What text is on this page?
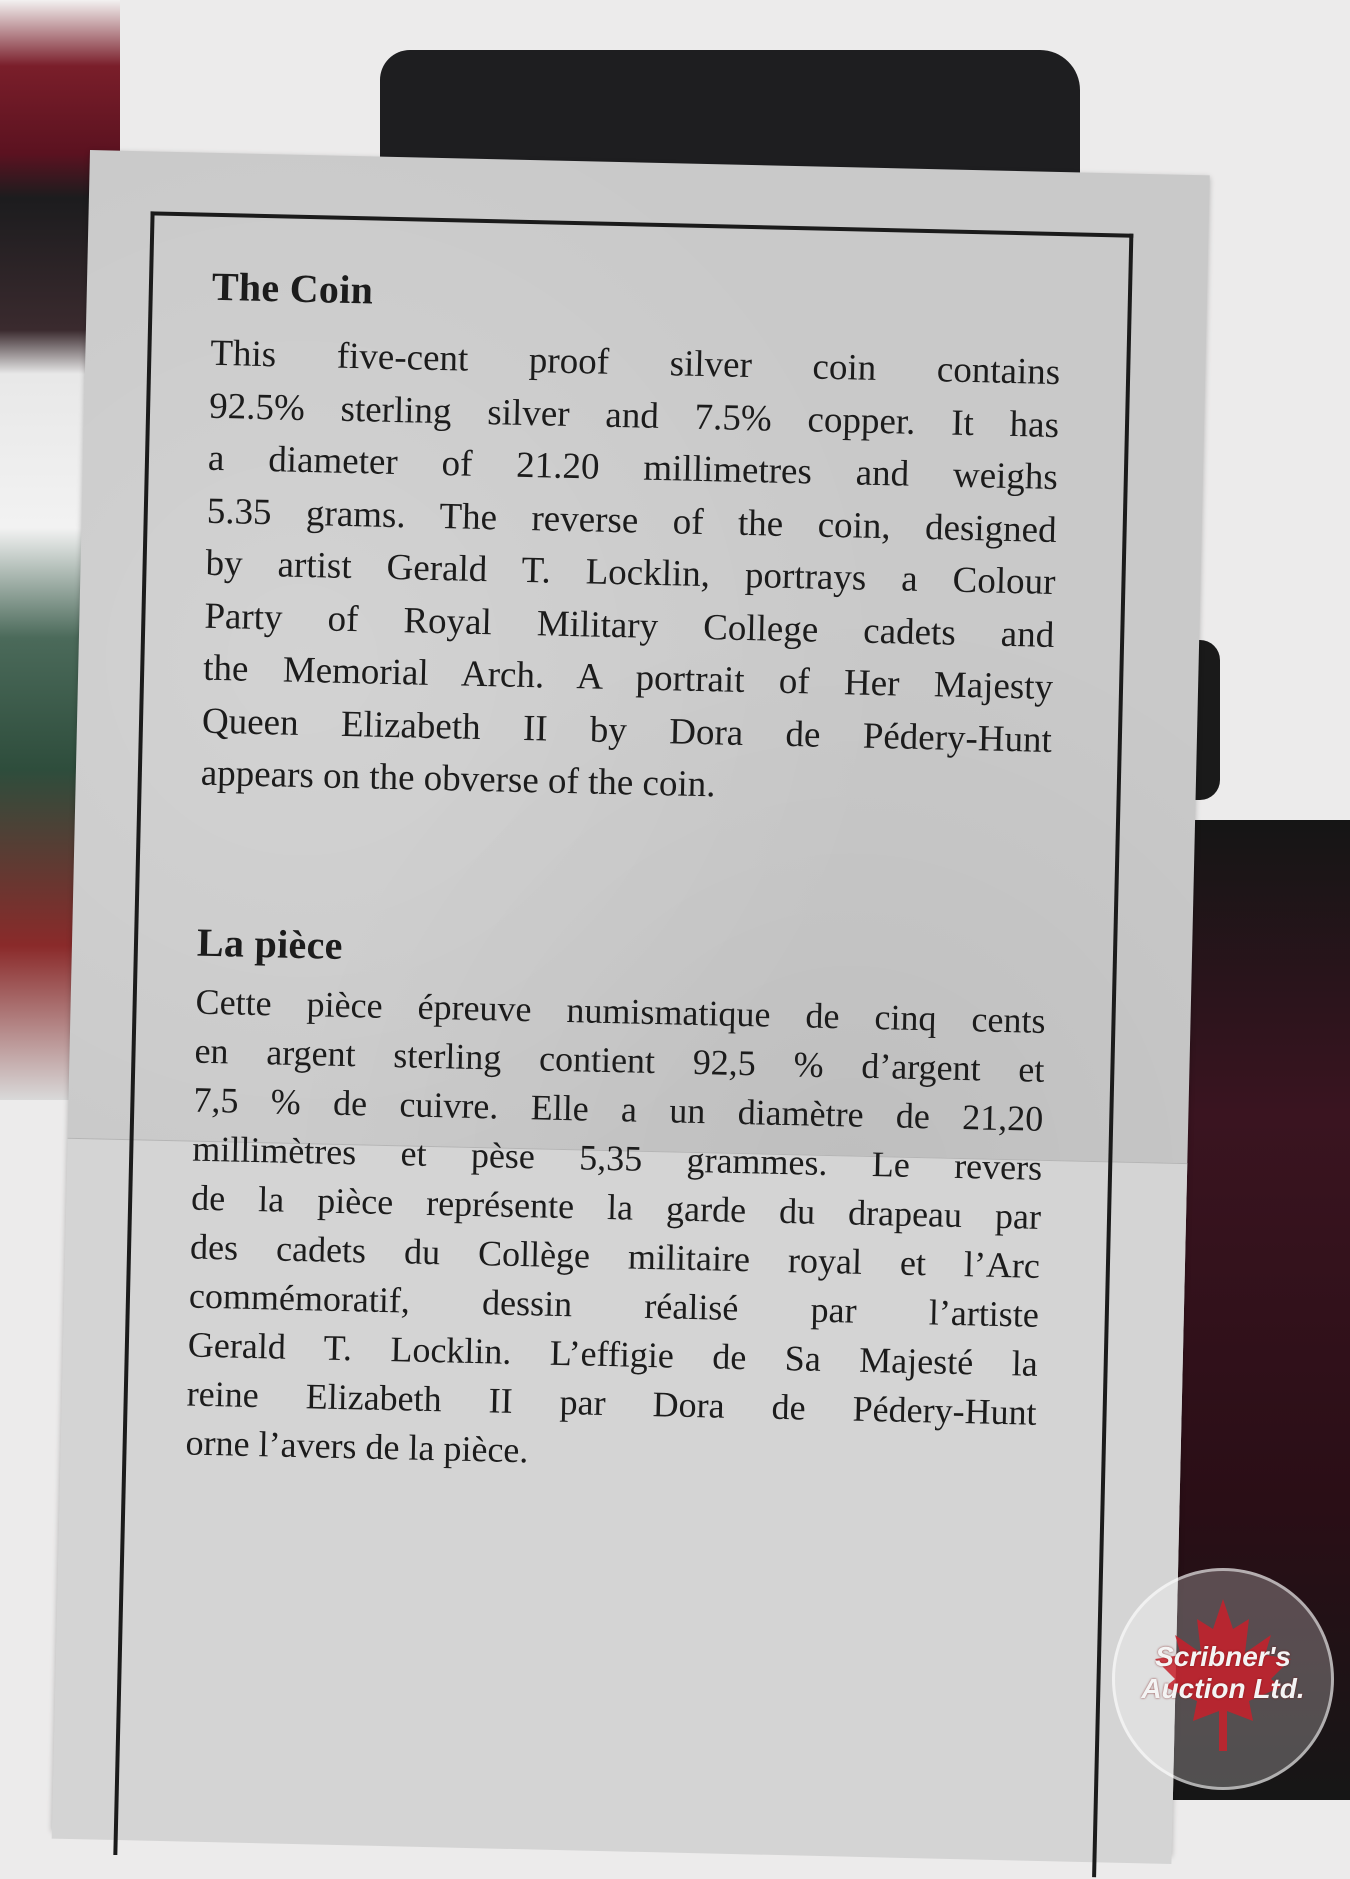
The Coin

This five-cent proof silver coin contains
92.5% sterling silver and 7.5% copper. It has
a diameter of 21.20 millimetres and weighs
5.35 grams. The reverse of the coin, designed
by artist Gerald T. Locklin, portrays a Colour
Party of Royal Military College cadets and
the Memorial Arch. A portrait of Her Majesty
Queen Elizabeth II by Dora de Pédery-Hunt
appears on the obverse of the coin.

La pièce

Cette pièce épreuve numismatique de cinq cents
en argent sterling contient 92,5 % d’argent et
7,5 % de cuivre. Elle a un diamètre de 21,20
millimètres et pèse 5,35 grammes. Le revers
de la pièce représente la garde du drapeau par
des cadets du Collège militaire royal et l’Arc
commémoratif, dessin réalisé par l’artiste
Gerald T. Locklin. L’effigie de Sa Majesté la
reine Elizabeth II par Dora de Pédery-Hunt
orne l’avers de la pièce.

Scribner's
Auction Ltd.
